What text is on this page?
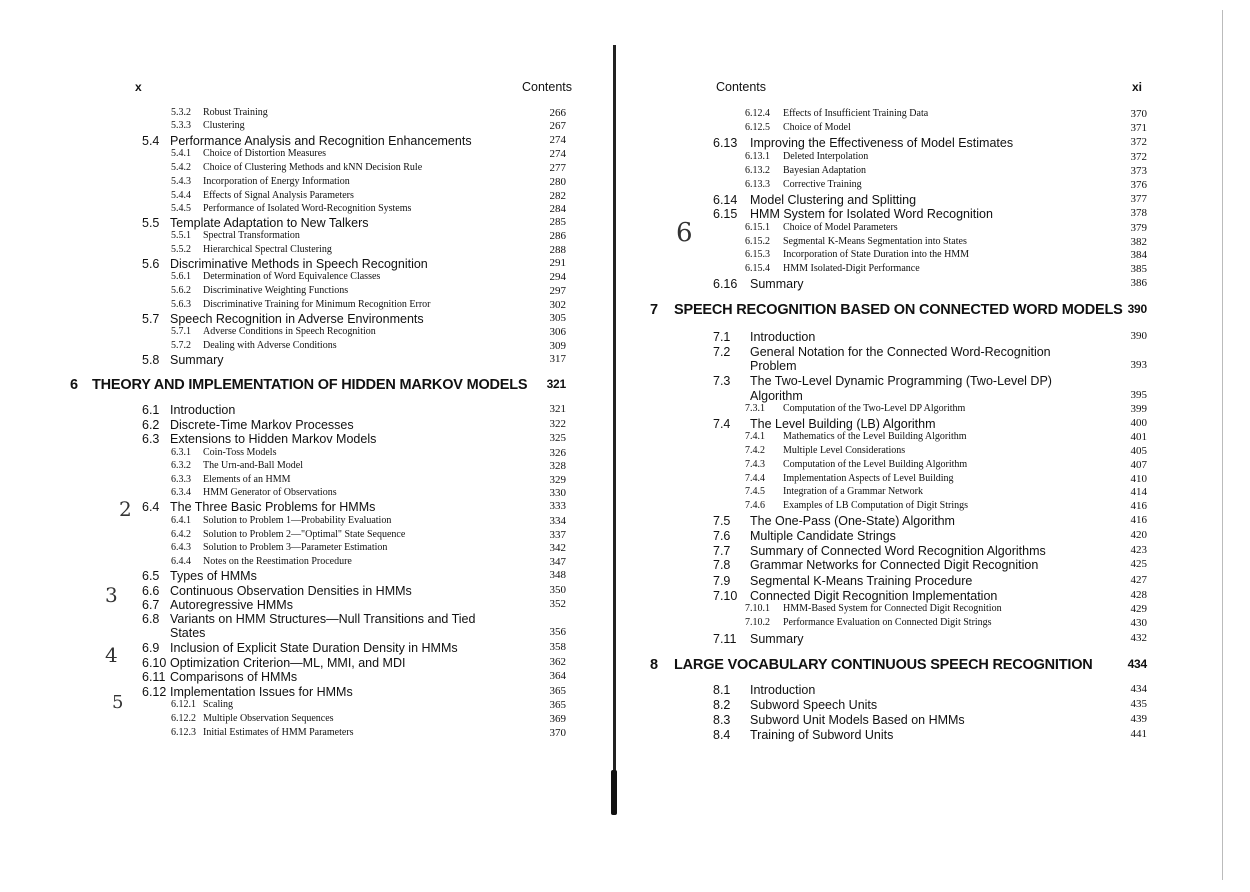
x	Contents
5.3.2 Robust Training	266
5.3.3 Clustering	267
5.4 Performance Analysis and Recognition Enhancements	274
5.4.1 Choice of Distortion Measures	274
5.4.2 Choice of Clustering Methods and kNN Decision Rule	277
5.4.3 Incorporation of Energy Information	280
5.4.4 Effects of Signal Analysis Parameters	282
5.4.5 Performance of Isolated Word-Recognition Systems	284
5.5 Template Adaptation to New Talkers	285
5.5.1 Spectral Transformation	286
5.5.2 Hierarchical Spectral Clustering	288
5.6 Discriminative Methods in Speech Recognition	291
5.6.1 Determination of Word Equivalence Classes	294
5.6.2 Discriminative Weighting Functions	297
5.6.3 Discriminative Training for Minimum Recognition Error	302
5.7 Speech Recognition in Adverse Environments	305
5.7.1 Adverse Conditions in Speech Recognition	306
5.7.2 Dealing with Adverse Conditions	309
5.8 Summary	317
6 THEORY AND IMPLEMENTATION OF HIDDEN MARKOV MODELS	321
6.1 Introduction	321
6.2 Discrete-Time Markov Processes	322
6.3 Extensions to Hidden Markov Models	325
6.3.1 Coin-Toss Models	326
6.3.2 The Urn-and-Ball Model	328
6.3.3 Elements of an HMM	329
6.3.4 HMM Generator of Observations	330
6.4 The Three Basic Problems for HMMs	333
6.4.1 Solution to Problem 1—Probability Evaluation	334
6.4.2 Solution to Problem 2—"Optimal" State Sequence	337
6.4.3 Solution to Problem 3—Parameter Estimation	342
6.4.4 Notes on the Reestimation Procedure	347
6.5 Types of HMMs	348
6.6 Continuous Observation Densities in HMMs	350
6.7 Autoregressive HMMs	352
6.8 Variants on HMM Structures—Null Transitions and Tied
States	356
6.9 Inclusion of Explicit State Duration Density in HMMs	358
6.10 Optimization Criterion—ML, MMI, and MDI	362
6.11 Comparisons of HMMs	364
6.12 Implementation Issues for HMMs	365
6.12.1 Scaling	365
6.12.2 Multiple Observation Sequences	369
6.12.3 Initial Estimates of HMM Parameters	370
2
3
4
5
Contents	xi
6.12.4 Effects of Insufficient Training Data	370
6.12.5 Choice of Model	371
6.13 Improving the Effectiveness of Model Estimates	372
6.13.1 Deleted Interpolation	372
6.13.2 Bayesian Adaptation	373
6.13.3 Corrective Training	376
6.14 Model Clustering and Splitting	377
6.15 HMM System for Isolated Word Recognition	378
6.15.1 Choice of Model Parameters	379
6.15.2 Segmental K-Means Segmentation into States	382
6.15.3 Incorporation of State Duration into the HMM	384
6.15.4 HMM Isolated-Digit Performance	385
6.16 Summary	386
7 SPEECH RECOGNITION BASED ON CONNECTED WORD MODELS 390
7.1 Introduction	390
7.2 General Notation for the Connected Word-Recognition
Problem	393
7.3 The Two-Level Dynamic Programming (Two-Level DP)
Algorithm	395
7.3.1 Computation of the Two-Level DP Algorithm	399
7.4 The Level Building (LB) Algorithm	400
7.4.1 Mathematics of the Level Building Algorithm	401
7.4.2 Multiple Level Considerations	405
7.4.3 Computation of the Level Building Algorithm	407
7.4.4 Implementation Aspects of Level Building	410
7.4.5 Integration of a Grammar Network	414
7.4.6 Examples of LB Computation of Digit Strings	416
7.5 The One-Pass (One-State) Algorithm	416
7.6 Multiple Candidate Strings	420
7.7 Summary of Connected Word Recognition Algorithms	423
7.8 Grammar Networks for Connected Digit Recognition	425
7.9 Segmental K-Means Training Procedure	427
7.10 Connected Digit Recognition Implementation	428
7.10.1 HMM-Based System for Connected Digit Recognition	429
7.10.2 Performance Evaluation on Connected Digit Strings	430
7.11 Summary	432
8 LARGE VOCABULARY CONTINUOUS SPEECH RECOGNITION	434
8.1 Introduction	434
8.2 Subword Speech Units	435
8.3 Subword Unit Models Based on HMMs	439
8.4 Training of Subword Units	441
6
